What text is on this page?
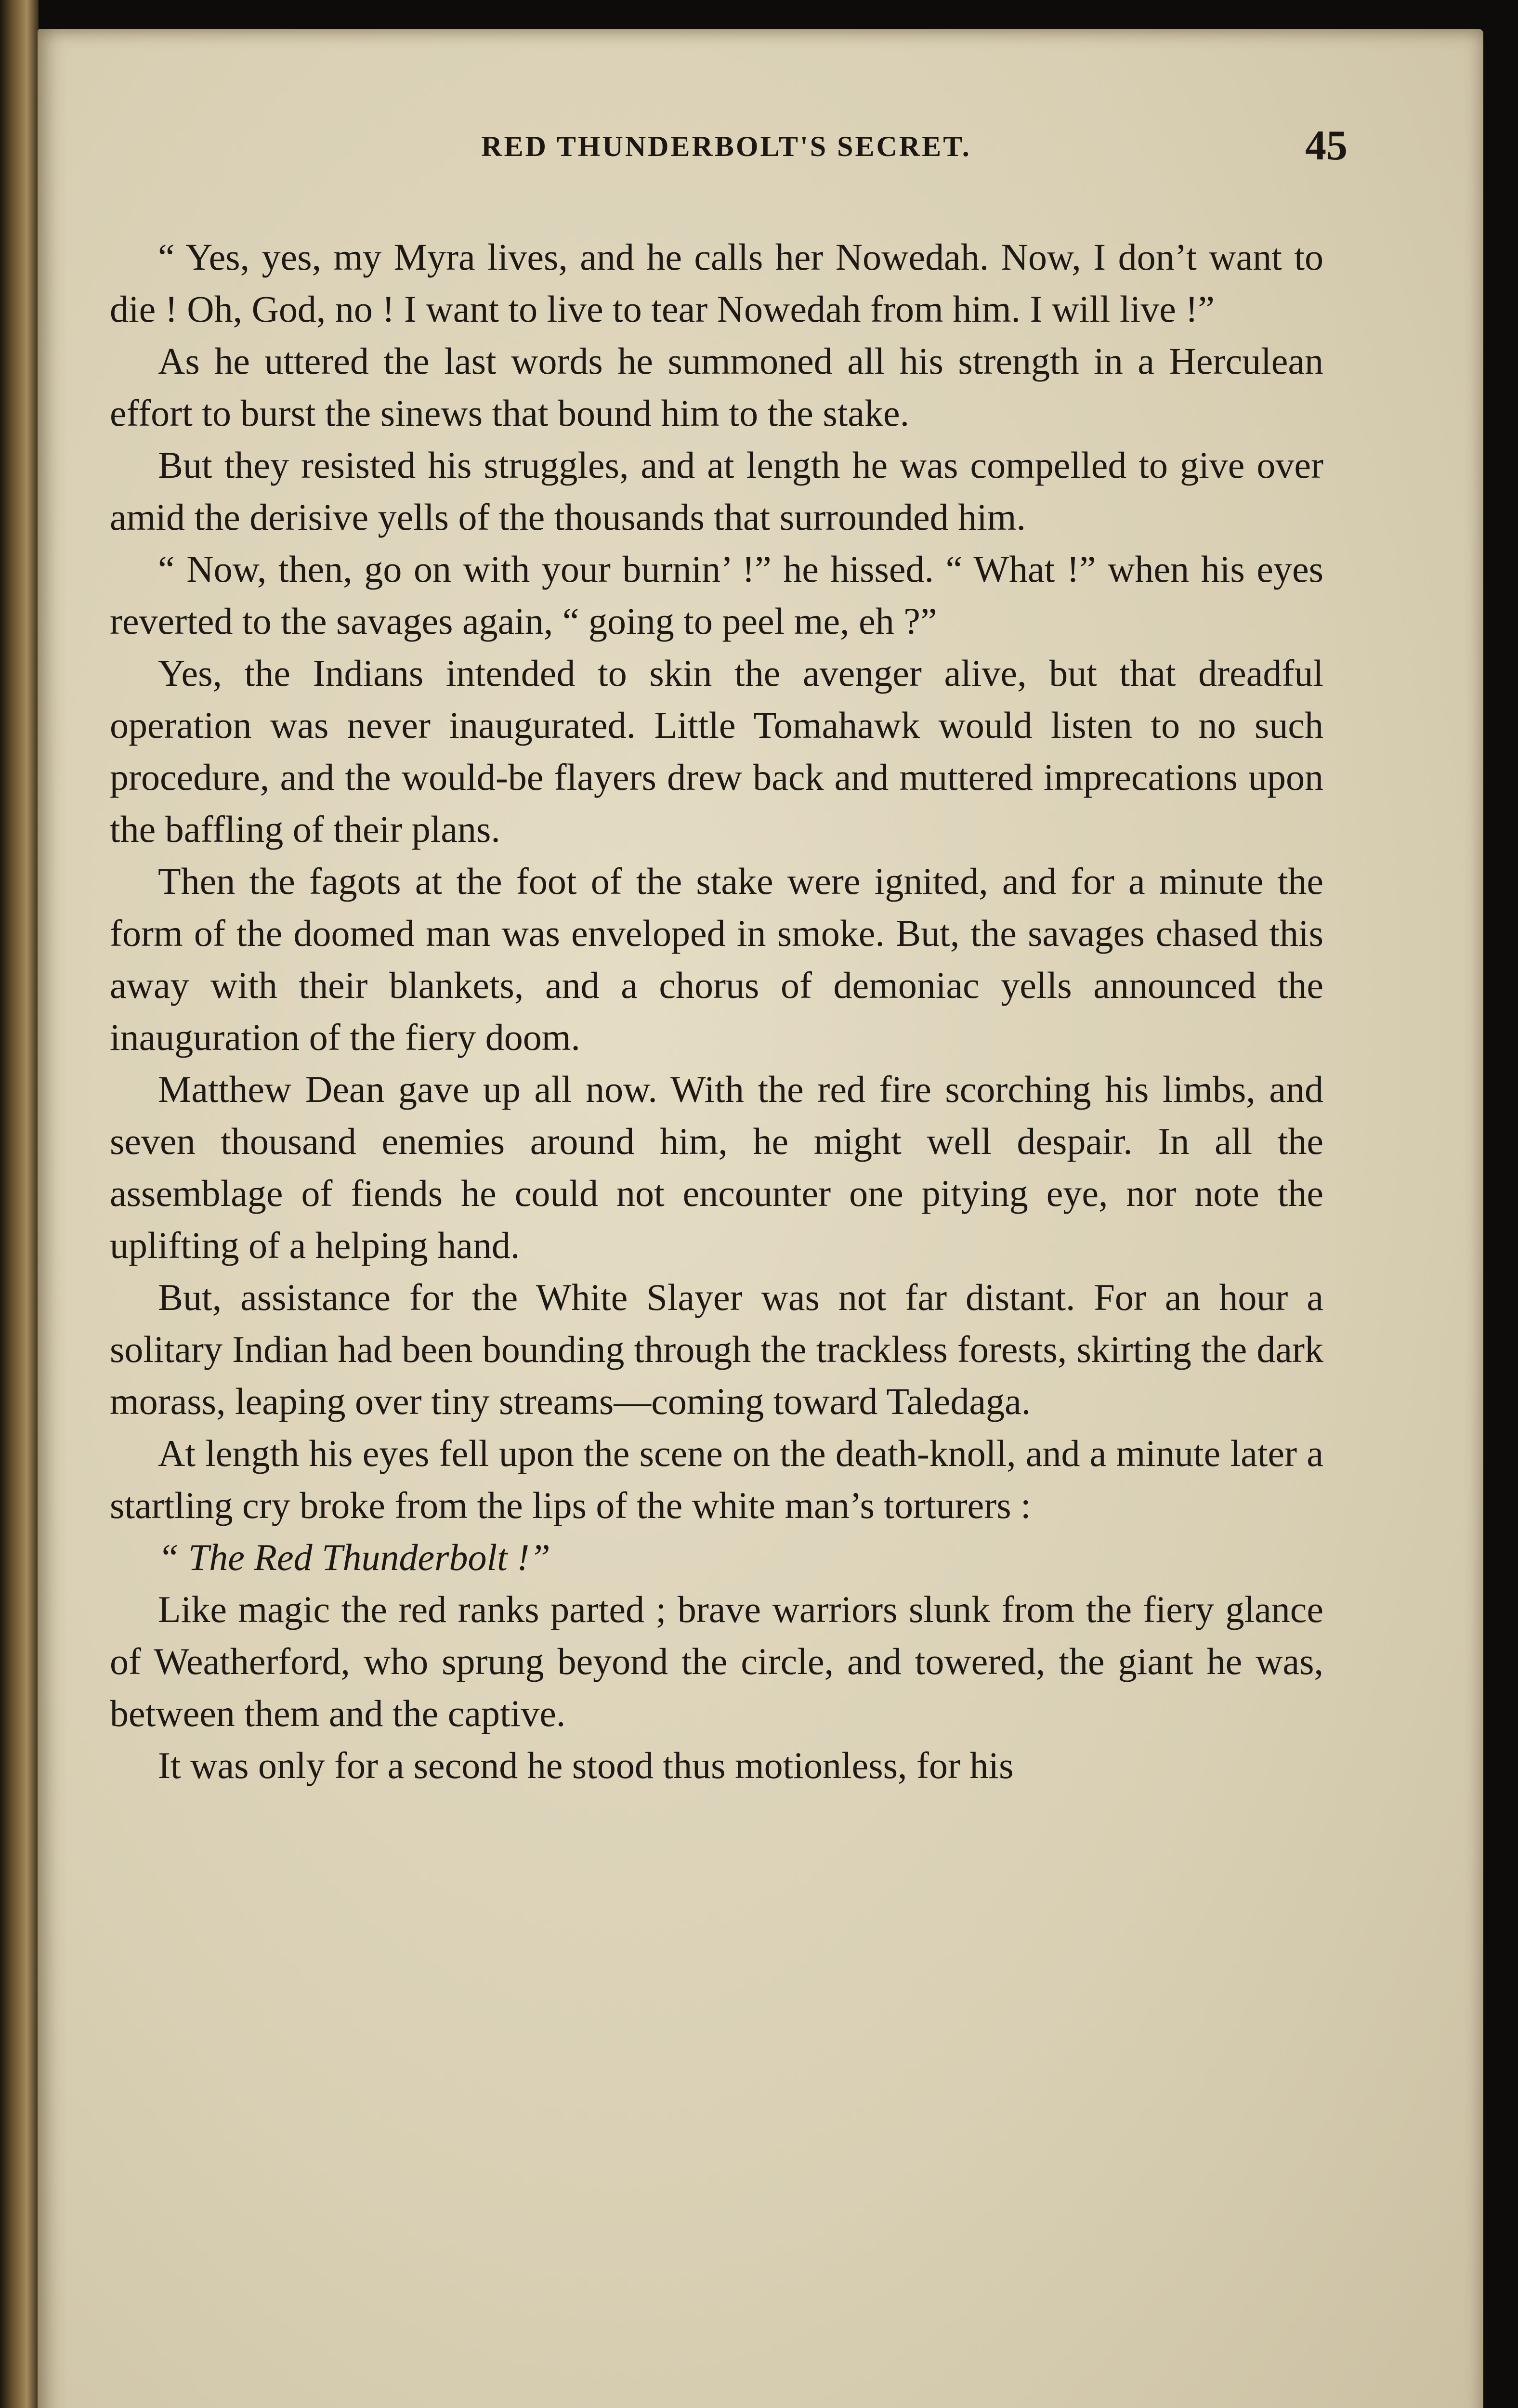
RED THUNDERBOLT'S SECRET.	45

“ Yes, yes, my Myra lives, and he calls her Nowedah. Now, I don’t want to die ! Oh, God, no ! I want to live to tear Nowedah from him. I will live !”

As he uttered the last words he summoned all his strength in a Herculean effort to burst the sinews that bound him to the stake.

But they resisted his struggles, and at length he was compelled to give over amid the derisive yells of the thousands that surrounded him.

“ Now, then, go on with your burnin’ !” he hissed. “ What !” when his eyes reverted to the savages again, “ going to peel me, eh ?”

Yes, the Indians intended to skin the avenger alive, but that dreadful operation was never inaugurated. Little Tomahawk would listen to no such procedure, and the would-be flayers drew back and muttered imprecations upon the baffling of their plans.

Then the fagots at the foot of the stake were ignited, and for a minute the form of the doomed man was enveloped in smoke. But, the savages chased this away with their blankets, and a chorus of demoniac yells announced the inauguration of the fiery doom.

Matthew Dean gave up all now. With the red fire scorching his limbs, and seven thousand enemies around him, he might well despair. In all the assemblage of fiends he could not encounter one pitying eye, nor note the uplifting of a helping hand.

But, assistance for the White Slayer was not far distant. For an hour a solitary Indian had been bounding through the trackless forests, skirting the dark morass, leaping over tiny streams—coming toward Taledaga.

At length his eyes fell upon the scene on the death-knoll, and a minute later a startling cry broke from the lips of the white man’s torturers :

“ The Red Thunderbolt !”

Like magic the red ranks parted ; brave warriors slunk from the fiery glance of Weatherford, who sprung beyond the circle, and towered, the giant he was, between them and the captive.

It was only for a second he stood thus motionless, for his
